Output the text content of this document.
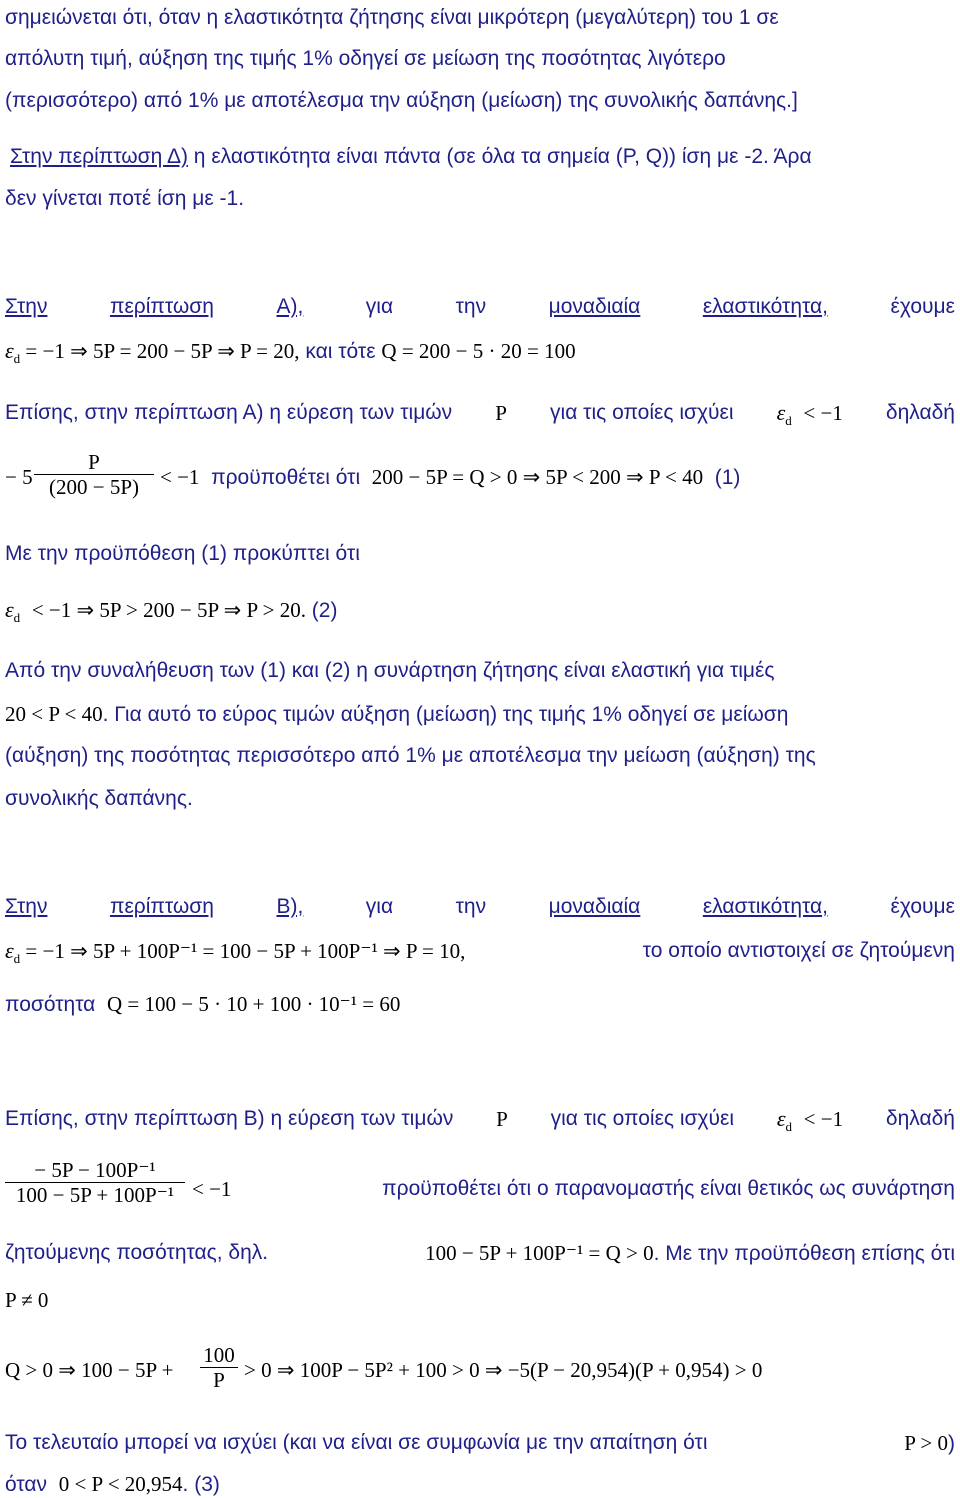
σημειώνεται ότι, όταν η ελαστικότητα ζήτησης είναι μικρότερη (μεγαλύτερη) του 1 σε
απόλυτη τιμή, αύξηση της τιμής 1% οδηγεί σε μείωση της ποσότητας λιγότερο
(περισσότερο) από 1% με αποτέλεσμα την αύξηση (μείωση) της συνολικής δαπάνης.]
Στην περίπτωση Δ) η ελαστικότητα είναι πάντα (σε όλα τα σημεία (P, Q)) ίση με -2. Άρα
δεν γίνεται ποτέ ίση με -1.
Στην	περίπτωση	Α),	για	την	μοναδιαία	ελαστικότητα,	έχουμε
$\varepsilon_d = -1$ ⇒ 5P = 200 − 5P ⇒ P = 20, και τότε Q = 200 − 5 · 20 = 100
Επίσης, στην περίπτωση Α) η εύρεση των τιμών P για τις οποίες ισχύει $\varepsilon_d < -1$ δηλαδή
− $5 \frac{P}{(200 - 5P)} < -1$ προϋποθέτει ότι 200 − 5P = Q > 0 ⇒ 5P < 200 ⇒ P < 40 (1)
Με την προϋπόθεση (1) προκύπτει ότι
$\varepsilon_d < -1$ ⇒ 5P > 200 − 5P ⇒ P > 20. (2)
Από την συναλήθευση των (1) και (2) η συνάρτηση ζήτησης είναι ελαστική για τιμές
20 < P < 40. Για αυτό το εύρος τιμών αύξηση (μείωση) της τιμής 1% οδηγεί σε μείωση
(αύξηση) της ποσότητας περισσότερο από 1% με αποτέλεσμα την μείωση (αύξηση) της
συνολικής δαπάνης.
Στην	περίπτωση	Β),	για	την	μοναδιαία	ελαστικότητα,	έχουμε
$\varepsilon_d = -1$ ⇒ 5P + 100P⁻¹ = 100 − 5P + 100P⁻¹ ⇒ P = 10,	το οποίο αντιστοιχεί σε ζητούμενη
ποσότητα Q = 100 − 5 · 10 + 100 · 10⁻¹ = 60
Επίσης, στην περίπτωση Β) η εύρεση των τιμών P για τις οποίες ισχύει $\varepsilon_d < -1$ δηλαδή
$\frac{\text{− 5P − 100P⁻¹}}{\text{100 − 5P + 100P⁻¹}} < -1$	προϋποθέτει ότι ο παρανομαστής είναι θετικός ως συνάρτηση
ζητούμενης ποσότητας, δηλ.	100 − 5P + 100P⁻¹ = Q > 0. Με την προϋπόθεση επίσης ότι
P ≠ 0
Q > 0 ⇒ $100 - 5P + \frac{100}{P} > 0$ ⇒ 100P − 5P² + 100 > 0 ⇒ −5(P − 20,954)(P + 0,954) > 0
Το τελευταίο μπορεί να ισχύει (και να είναι σε συμφωνία με την απαίτηση ότι	P > 0)
όταν 0 < P < 20,954. (3)
